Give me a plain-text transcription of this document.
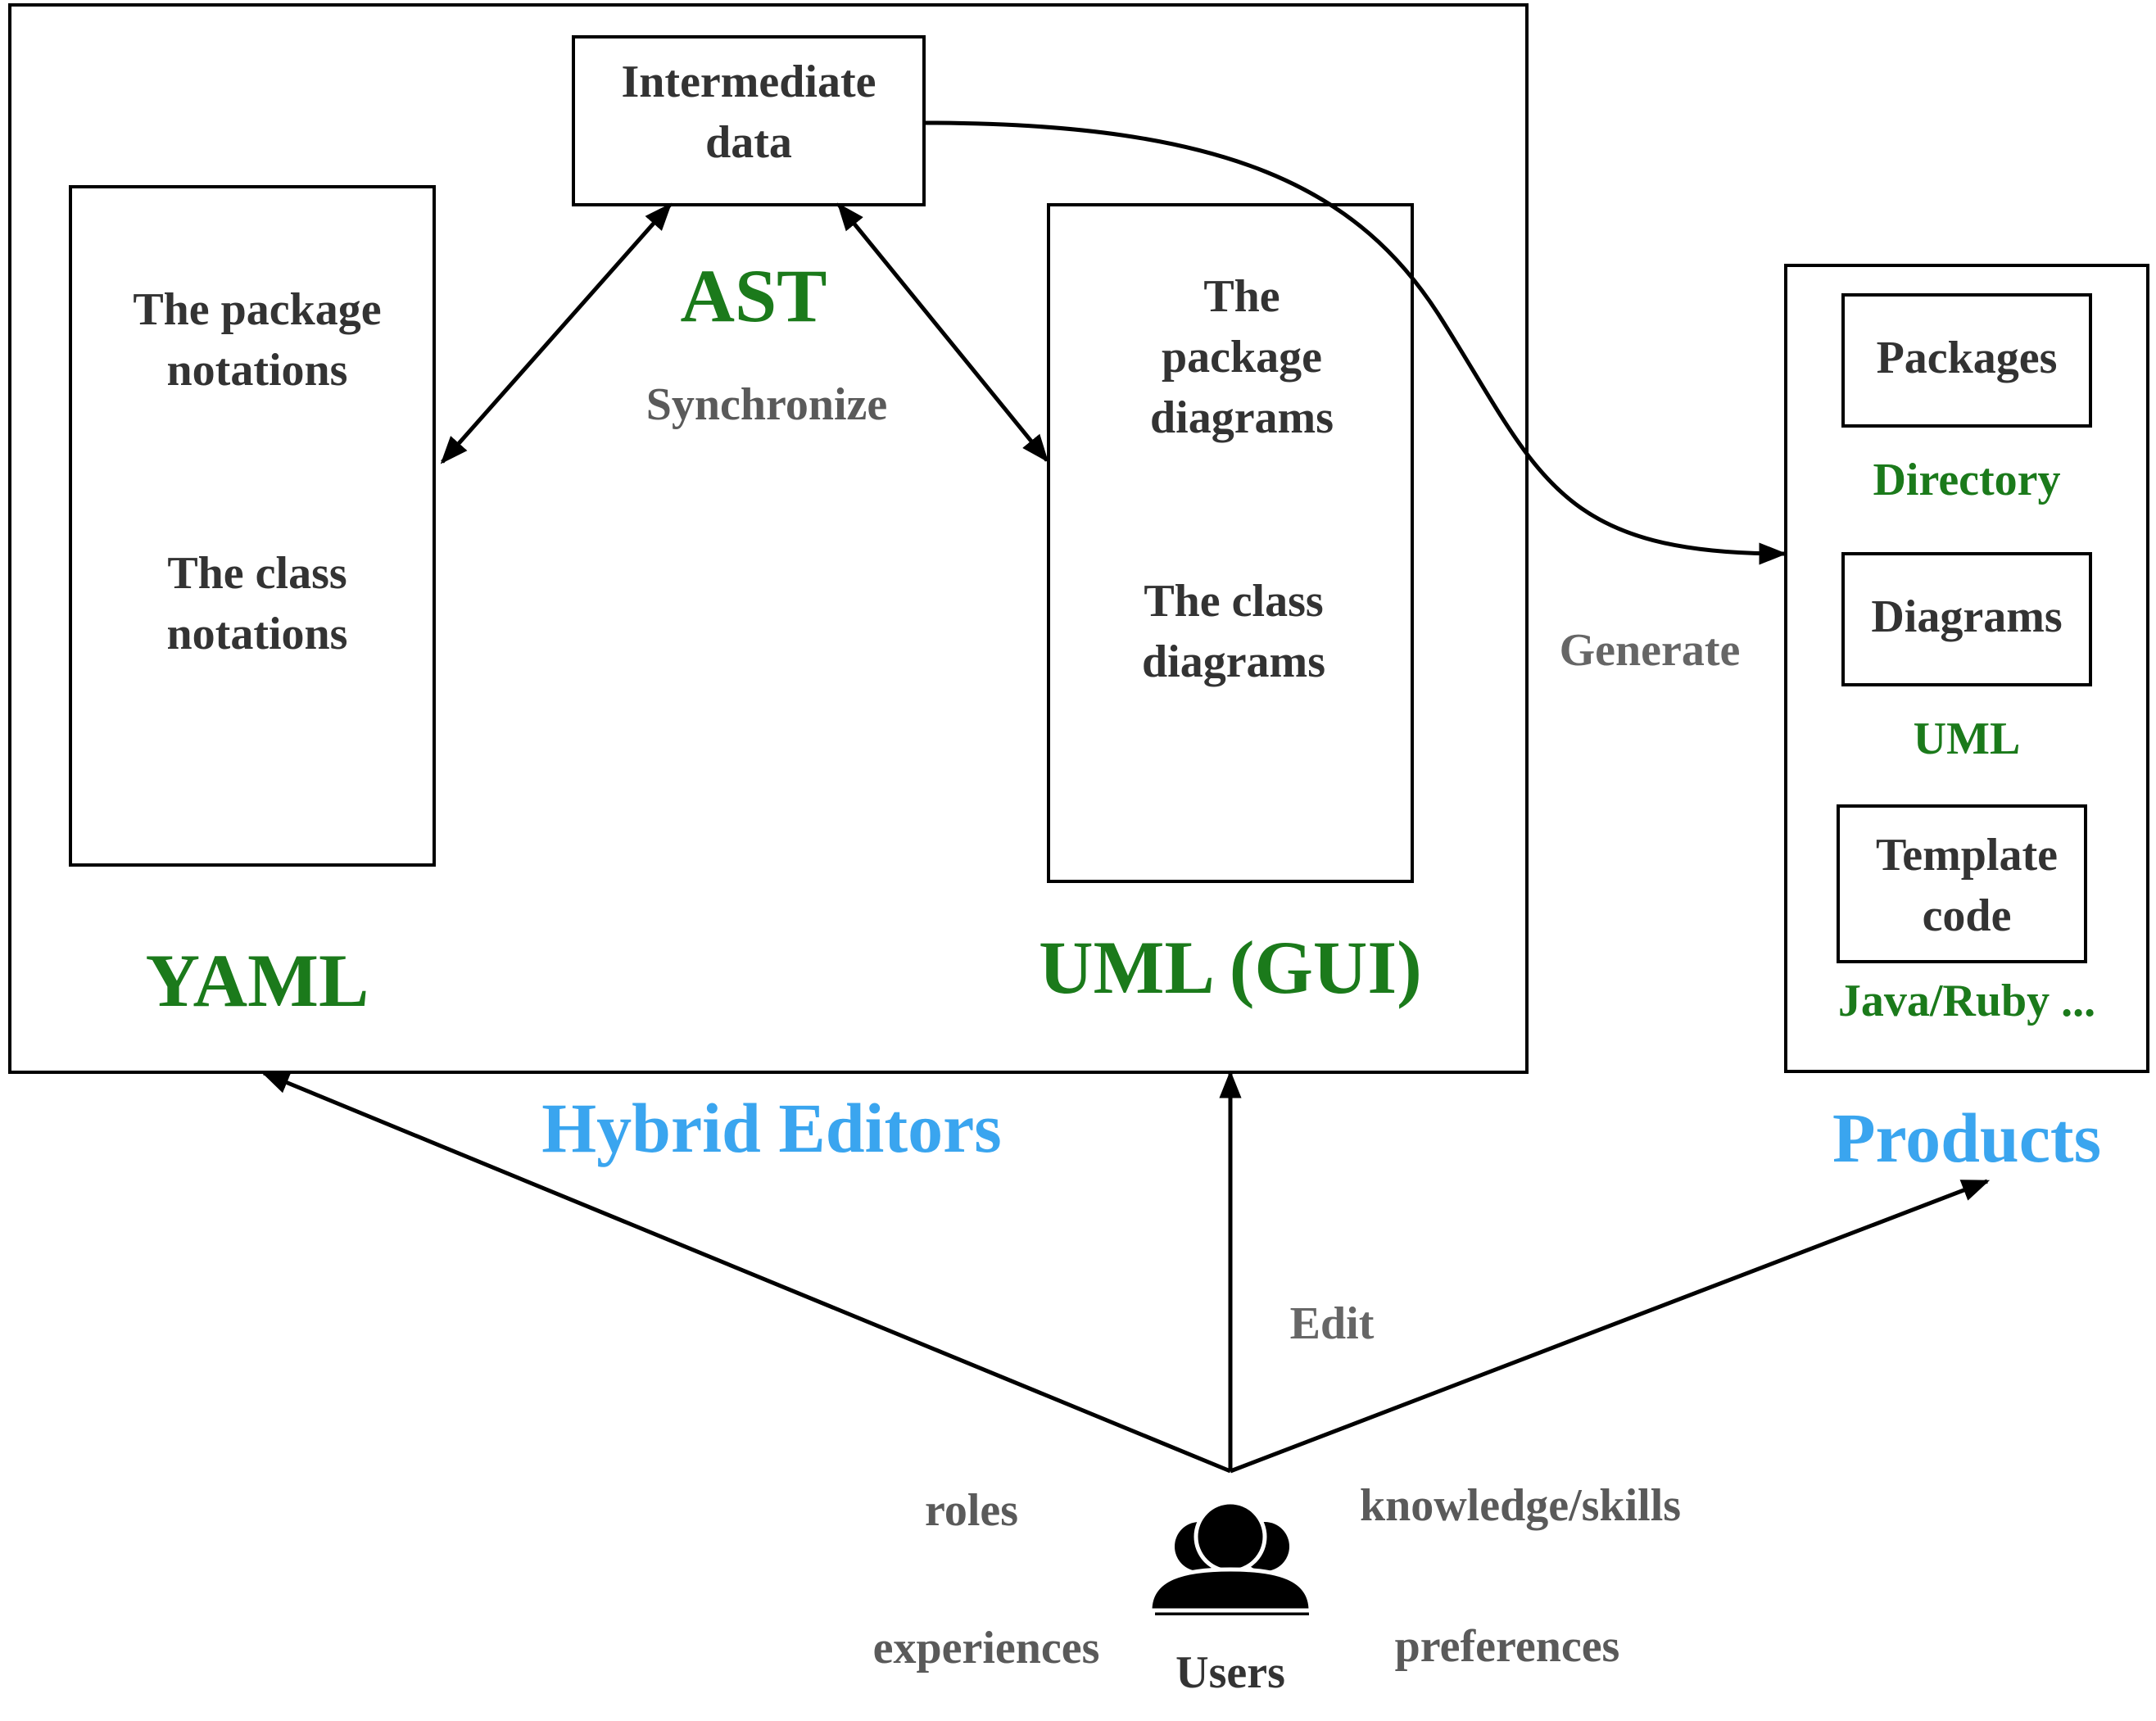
Intermediate
data
The package
notations
The class
notations
YAML
The
package
diagrams
The class
diagrams
UML (GUI)
AST
Synchronize
Generate
Packages
Directory
Diagrams
UML
Template
code
Java/Ruby ...
Hybrid Editors	Products
Edit
Users
roles	knowledge/skills
experiences	preferences
